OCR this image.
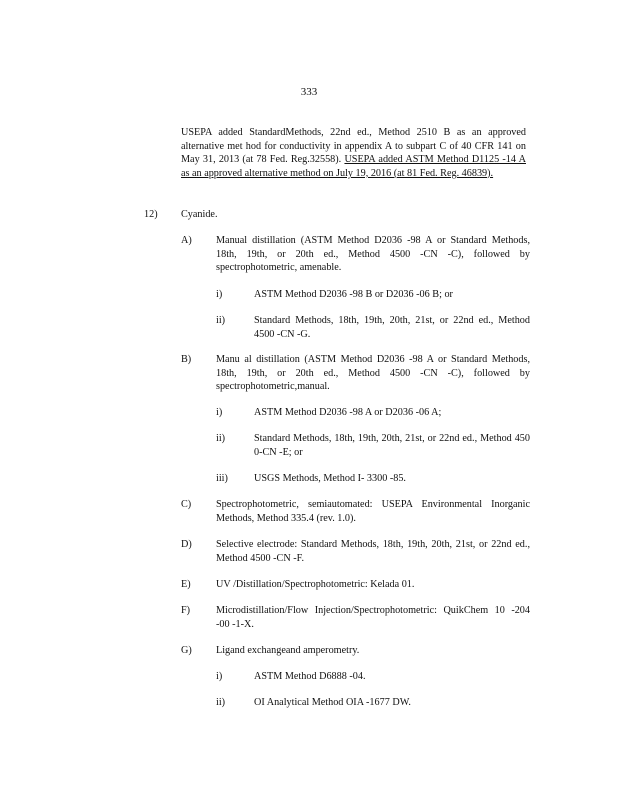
333
USEPA added StandardMethods, 22nd ed., Method 2510 B as an approved alternative met hod for conductivity in appendix A to subpart C of 40 CFR 141 on May 31, 2013 (at 78 Fed. Reg.32558). USEPA added ASTM Method D1125 -14 A as an approved alternative method on July 19, 2016 (at 81 Fed. Reg. 46839).
12) Cyanide.
A) Manual distillation (ASTM Method D2036 -98 A or Standard Methods, 18th, 19th, or 20th ed., Method 4500 -CN -C), followed by spectrophotometric, amenable.
i)	ASTM Method D2036 -98 B or D2036 -06 B; or
ii)	Standard Methods, 18th, 19th, 20th, 21st, or 22nd ed., Method 4500 -CN -G.
B) Manu al distillation (ASTM Method D2036 -98 A or Standard Methods, 18th, 19th, or 20th ed., Method 4500 -CN -C), followed by spectrophotometric,manual.
i)	ASTM Method D2036 -98 A or D2036 -06 A;
ii)	Standard Methods, 18th, 19th, 20th, 21st, or 22nd ed., Method 450 0-CN -E; or
iii)	USGS Methods, Method I- 3300 -85.
C) Spectrophotometric, semiautomated: USEPA Environmental Inorganic Methods, Method 335.4 (rev. 1.0).
D) Selective electrode: Standard Methods, 18th, 19th, 20th, 21st, or 22nd ed., Method 4500 -CN -F.
E) UV /Distillation/Spectrophotometric: Kelada 01.
F)	Microdistillation/Flow Injection/Spectrophotometric: QuikChem 10 -204 -00 -1-X.
G) Ligand exchangeand amperometry.
i)	ASTM Method D6888 -04.
ii)	OI Analytical Method OIA -1677 DW.
